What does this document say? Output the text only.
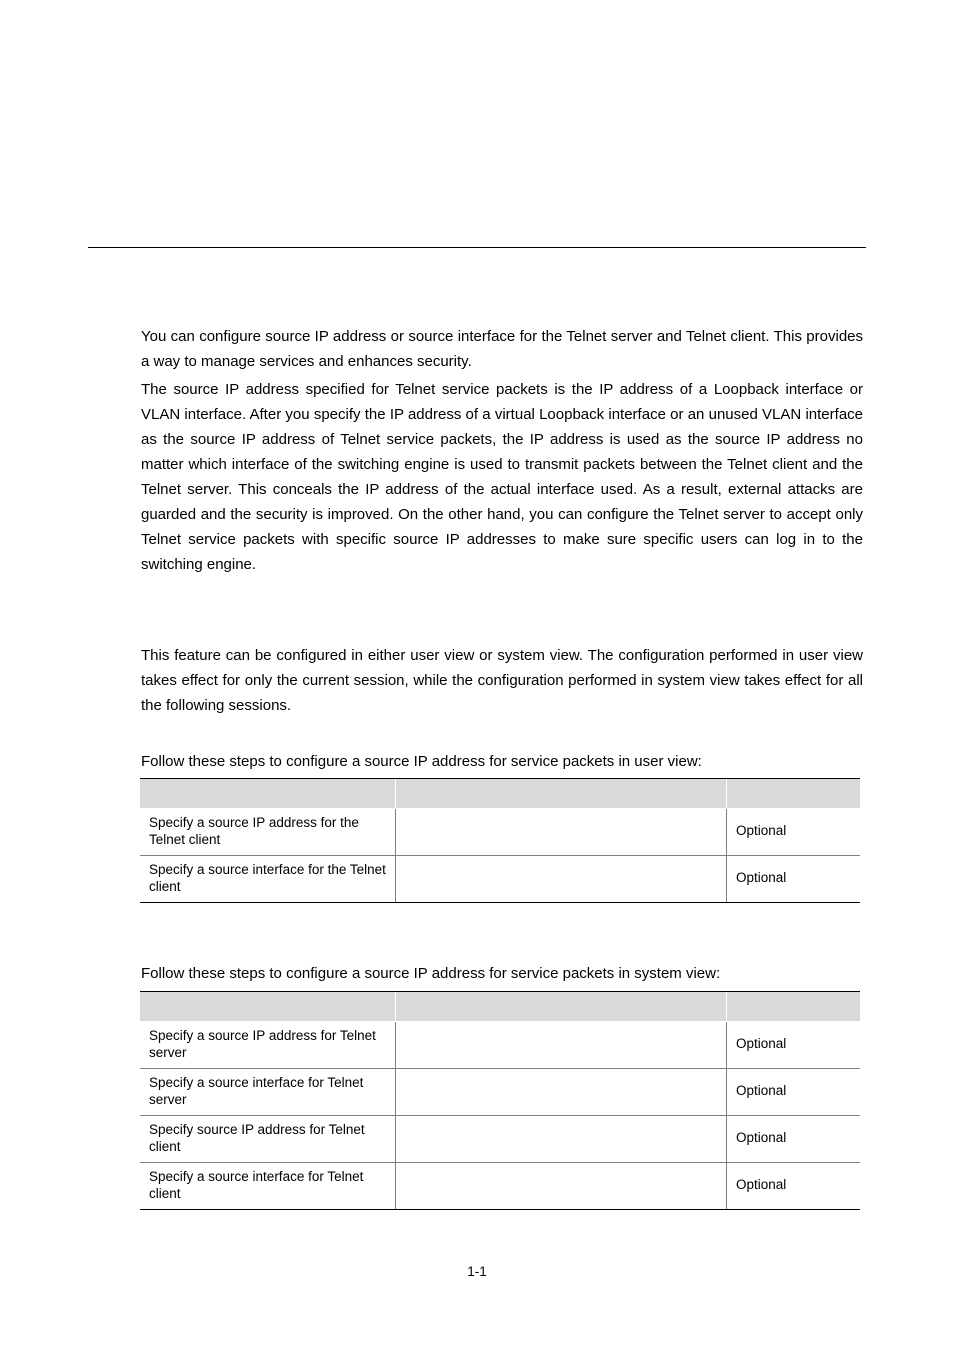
You can configure source IP address or source interface for the Telnet server and Telnet client. This provides a way to manage services and enhances security.

The source IP address specified for Telnet service packets is the IP address of a Loopback interface or VLAN interface. After you specify the IP address of a virtual Loopback interface or an unused VLAN interface as the source IP address of Telnet service packets, the IP address is used as the source IP address no matter which interface of the switching engine is used to transmit packets between the Telnet client and the Telnet server. This conceals the IP address of the actual interface used. As a result, external attacks are guarded and the security is improved. On the other hand, you can configure the Telnet server to accept only Telnet service packets with specific source IP addresses to make sure specific users can log in to the switching engine.

This feature can be configured in either user view or system view. The configuration performed in user view takes effect for only the current session, while the configuration performed in system view takes effect for all the following sessions.

Follow these steps to configure a source IP address for service packets in user view:

Specify a source IP address for the Telnet client		Optional
Specify a source interface for the Telnet client		Optional

Follow these steps to configure a source IP address for service packets in system view:

Specify a source IP address for Telnet server		Optional
Specify a source interface for Telnet server		Optional
Specify source IP address for Telnet client		Optional
Specify a source interface for Telnet client		Optional
1-1
